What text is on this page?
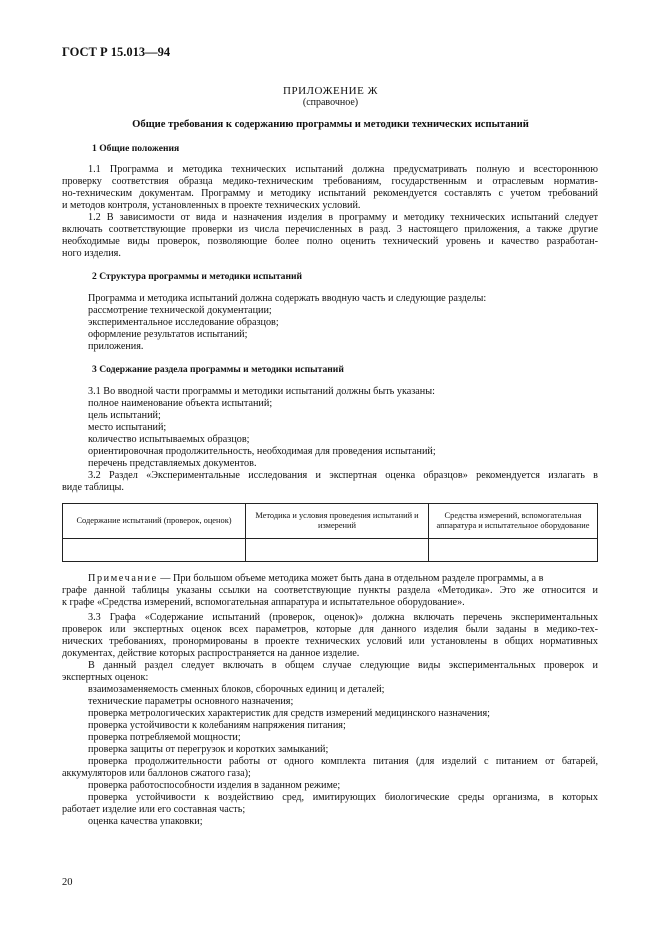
ГОСТ Р 15.013—94
ПРИЛОЖЕНИЕ Ж
(справочное)
Общие требования к содержанию программы и методики технических испытаний
1 Общие положения
1.1 Программа и методика технических испытаний должна предусматривать полную и всестороннюю
проверку соответствия образца медико-техническим требованиям, государственным и отраслевым норматив-
но-техническим документам. Программу и методику испытаний рекомендуется составлять с учетом требований
и методов контроля, установленных в проекте технических условий.
1.2 В зависимости от вида и назначения изделия в программу и методику технических испытаний следует
включать соответствующие проверки из числа перечисленных в разд. 3 настоящего приложения, а также другие
необходимые виды проверок, позволяющие более полно оценить технический уровень и качество разработан-
ного изделия.
2 Структура программы и методики испытаний
Программа и методика испытаний должна содержать вводную часть и следующие разделы:
рассмотрение технической документации;
экспериментальное исследование образцов;
оформление результатов испытаний;
приложения.
3 Содержание раздела программы и методики испытаний
3.1 Во вводной части программы и методики испытаний должны быть указаны:
полное наименование объекта испытаний;
цель испытаний;
место испытаний;
количество испытываемых образцов;
ориентировочная продолжительность, необходимая для проведения испытаний;
перечень представляемых документов.
3.2 Раздел «Экспериментальные исследования и экспертная оценка образцов» рекомендуется излагать в
виде таблицы.
Содержание испытаний (проверок, оценок)	Методика и условия проведения испытаний и измерений	Средства измерений, вспомогательная аппаратура и испытательное оборудование

Примечание — При большом объеме методика может быть дана в отдельном разделе программы, а в
графе данной таблицы указаны ссылки на соответствующие пункты раздела «Методика». Это же относится и
к графе «Средства измерений, вспомогательная аппаратура и испытательное оборудование».
3.3 Графа «Содержание испытаний (проверок, оценок)» должна включать перечень экспериментальных
проверок или экспертных оценок всех параметров, которые для данного изделия были заданы в медико-тех-
нических требованиях, пронормированы в проекте технических условий или установлены в общих нормативных
документах, действие которых распространяется на данное изделие.
В данный раздел следует включать в общем случае следующие виды экспериментальных проверок и
экспертных оценок:
взаимозаменяемость сменных блоков, сборочных единиц и деталей;
технические параметры основного назначения;
проверка метрологических характеристик для средств измерений медицинского назначения;
проверка устойчивости к колебаниям напряжения питания;
проверка потребляемой мощности;
проверка защиты от перегрузок и коротких замыканий;
проверка продолжительности работы от одного комплекта питания (для изделий с питанием от батарей,
аккумуляторов или баллонов сжатого газа);
проверка работоспособности изделия в заданном режиме;
проверка устойчивости к воздействию сред, имитирующих биологические среды организма, в которых
работает изделие или его составная часть;
оценка качества упаковки;
20
